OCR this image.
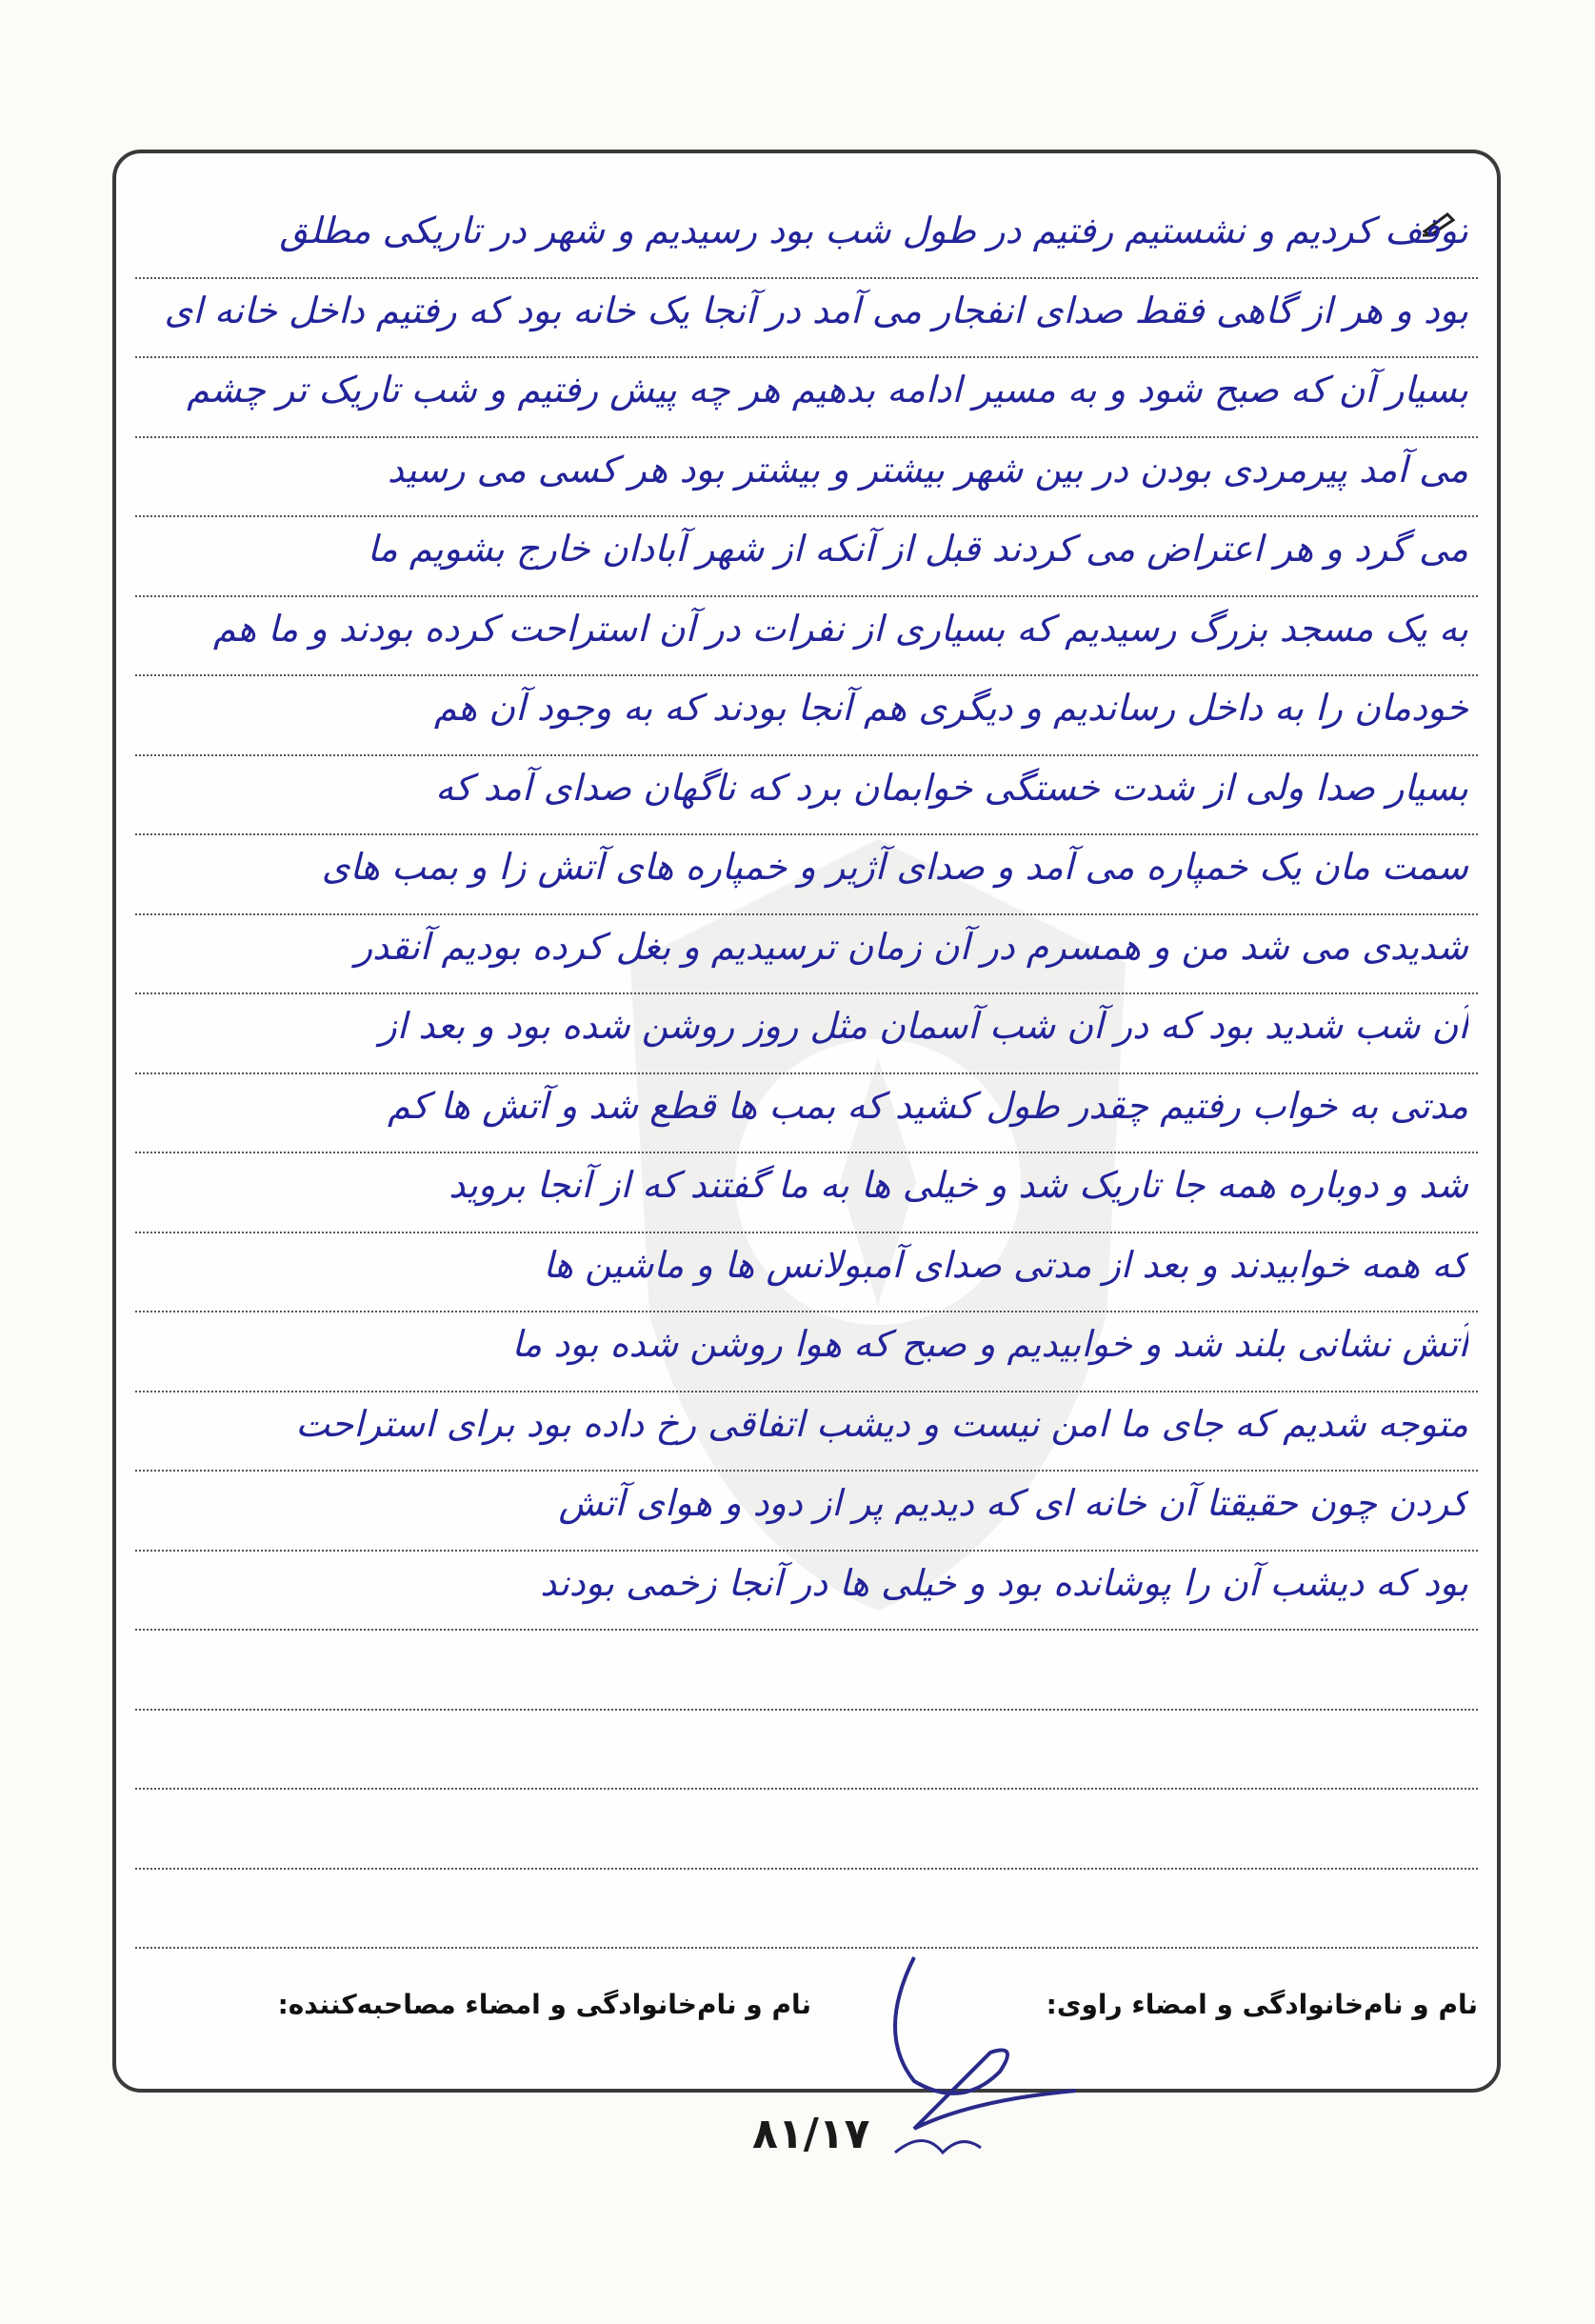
توقف کردیم و نشستیم رفتیم در طول شب بود رسیدیم و شهر در تاریکی مطلق
بود و هر از گاهی فقط صدای انفجار می آمد در آنجا یک خانه بود که رفتیم داخل خانه ای
بسیار آن که صبح شود و به مسیر ادامه بدهیم هر چه پیش رفتیم و شب تاریک تر چشم
می آمد پیرمردی بودن در بین شهر بیشتر و بیشتر بود هر کسی می رسید
می گرد و هر اعتراض می کردند قبل از آنکه از شهر آبادان خارج بشویم ما
به یک مسجد بزرگ رسیدیم که بسیاری از نفرات در آن استراحت کرده بودند و ما هم
خودمان را به داخل رساندیم و دیگری هم آنجا بودند که به وجود آن هم
بسیار صدا ولی از شدت خستگی خوابمان برد که ناگهان صدای آمد که
سمت مان یک خمپاره می آمد و صدای آژیر و خمپاره های آتش زا و بمب های
شدیدی می شد من و همسرم در آن زمان ترسیدیم و بغل کرده بودیم آنقدر
آن شب شدید بود که در آن شب آسمان مثل روز روشن شده بود و بعد از
مدتی به خواب رفتیم چقدر طول کشید که بمب ها قطع شد و آتش ها کم
شد و دوباره همه جا تاریک شد و خیلی ها به ما گفتند که از آنجا بروید
که همه خوابیدند و بعد از مدتی صدای آمبولانس ها و ماشین ها
آتش نشانی بلند شد و خوابیدیم و صبح که هوا روشن شده بود ما
متوجه شدیم که جای ما امن نیست و دیشب اتفاقی رخ داده بود برای استراحت
کردن چون حقیقتا آن خانه ای که دیدیم پر از دود و هوای آتش
بود که دیشب آن را پوشانده بود و خیلی ها در آنجا زخمی بودند
نام و نام‌خانوادگی و امضاء راوی:
نام و نام‌خانوادگی و امضاء مصاحبه‌کننده:
۸۱/۱۷
